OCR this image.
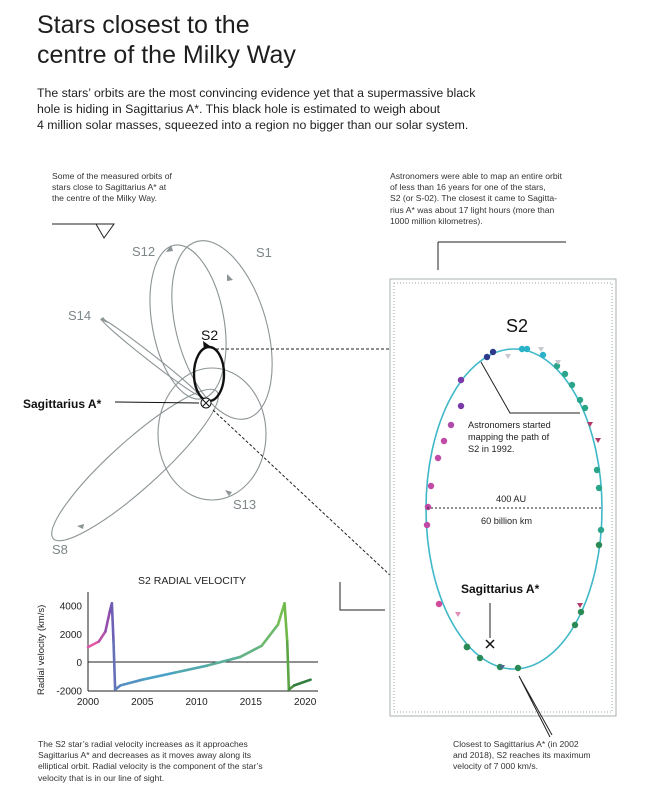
Stars closest to the
centre of the Milky Way
The stars’ orbits are the most convincing evidence yet that a supermassive black
hole is hiding in Sagittarius A*. This black hole is estimated to weigh about
4 million solar masses, squeezed into a region no bigger than our solar system.
Some of the measured orbits of
stars close to Sagittarius A* at
the centre of the Milky Way.
Astronomers were able to map an entire orbit
of less than 16 years for one of the stars,
S2 (or S-02). The closest it came to Sagitta-
rius A* was about 17 light hours (more than
1000 million kilometres).
The S2 star’s radial velocity increases as it approaches
Sagittarius A* and decreases as it moves away along its
elliptical orbit. Radial velocity is the component of the star’s
velocity that is in our line of sight.
Closest to Sagittarius A* (in 2002
and 2018), S2 reaches its maximum
velocity of 7 000 km/s.
S12	S1
S14
S2
Sagittarius A*
S13
S8
S2
Astronomers started
mapping the path of
S2 in 1992.
400 AU
60 billion km
Sagittarius A*
S2 RADIAL VELOCITY
Radial velocity (km/s)
2000	2005	2010	2015	2020
4000
2000
0
-2000
